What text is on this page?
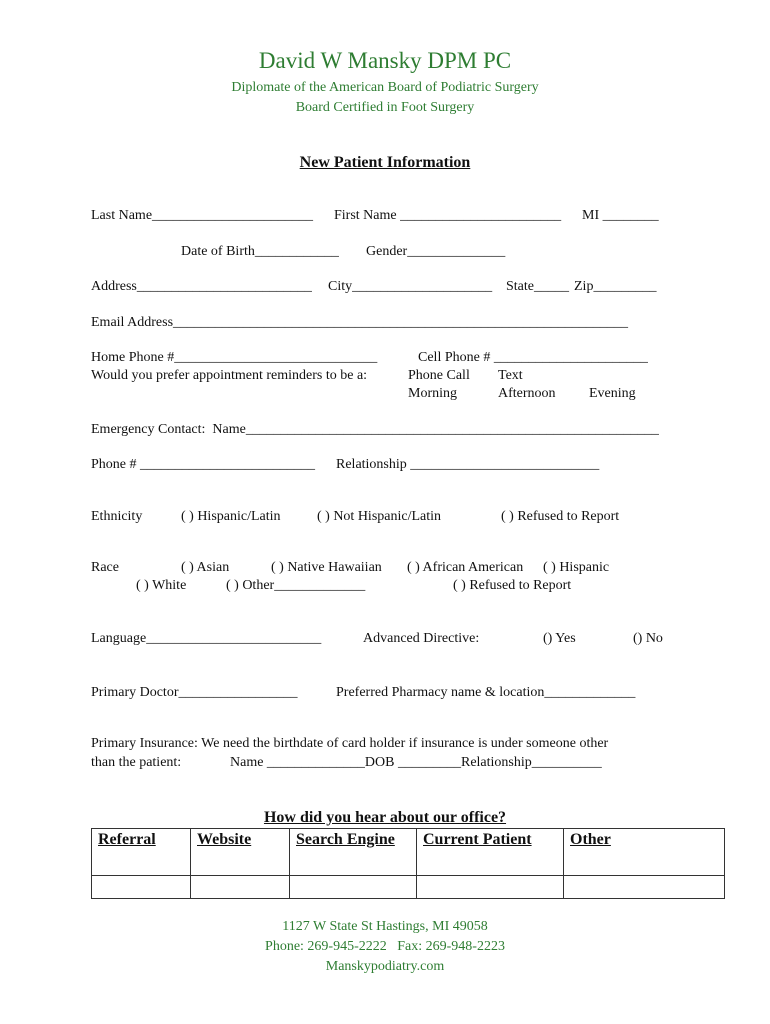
David W Mansky DPM PC
Diplomate of the American Board of Podiatric Surgery
Board Certified in Foot Surgery
New Patient Information
Last Name_______________________ First Name _______________________ MI ________
Date of Birth____________ Gender______________
Address_________________________ City____________________ State_____ Zip_________
Email Address_________________________________________________________________
Home Phone #_____________________________	Cell Phone # ______________________
Would you prefer appointment reminders to be a:	Phone Call Text
Morning	Afternoon Evening
Emergency Contact:  Name___________________________________________________________
Phone # _________________________ Relationship ___________________________
Ethnicity	( ) Hispanic/Latin	( ) Not Hispanic/Latin	( ) Refused to Report
Race	( ) Asian	( ) Native Hawaiian ( ) African American ( ) Hispanic
( ) White	( ) Other_____________	( ) Refused to Report
Language_________________________	Advanced Directive:	() Yes	() No
Primary Doctor_________________	Preferred Pharmacy name & location_____________
Primary Insurance: We need the birthdate of card holder if insurance is under someone other
than the patient:	Name ______________DOB _________Relationship__________
How did you hear about our office?
Referral	Website	Search Engine	Current Patient	Other

1127 W State St Hastings, MI 49058
Phone: 269-945-2222   Fax: 269-948-2223
Manskypodiatry.com
